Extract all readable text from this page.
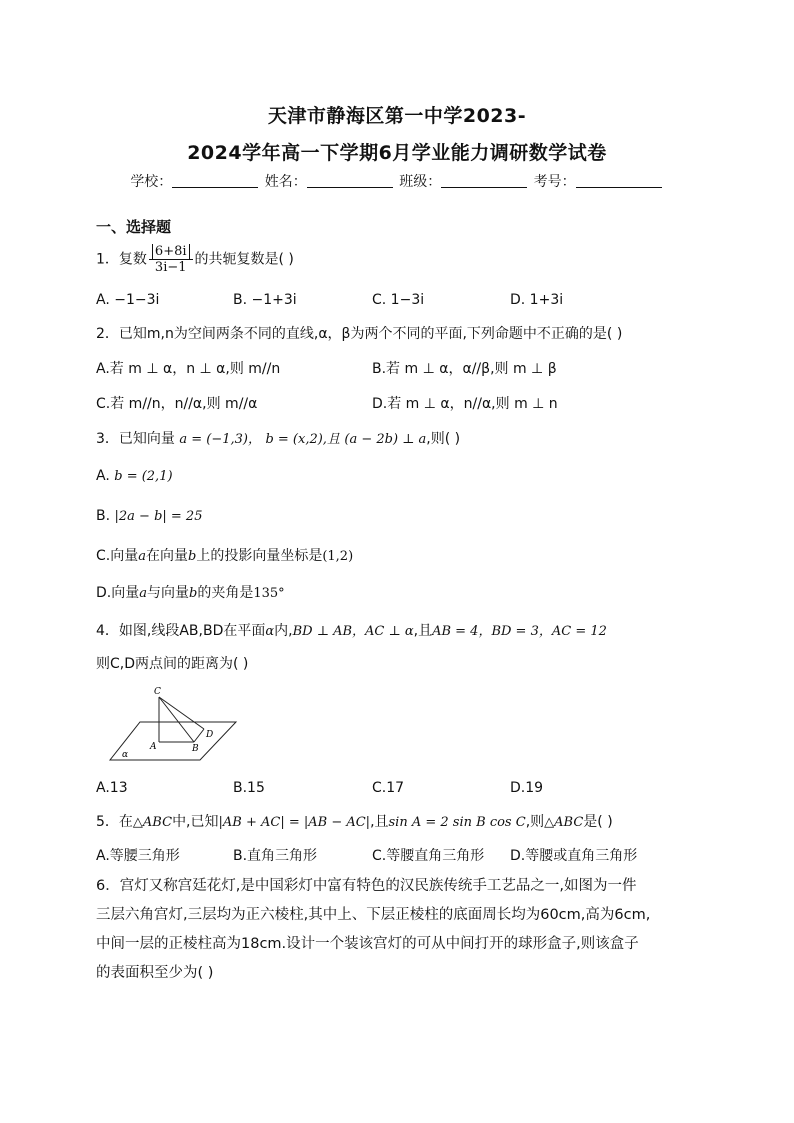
天津市静海区第一中学2023-
2024学年高一下学期6月学业能力调研数学试卷
学校：	姓名：	班级：	考号：
一、选择题
1．复数 $\frac{6+8i}{3i-1}$ 的共轭复数是( )
A. −1−3i	B. −1+3i	C. 1−3i	D. 1+3i
2．已知m,n为空间两条不同的直线,α，β为两个不同的平面,下列命题中不正确的是( )
A.若 m ⊥ α，n ⊥ α,则 m//n	B.若 m ⊥ α，α//β,则 m ⊥ β
C.若 m//n，n//α,则 m//α	D.若 m ⊥ α，n//α,则 m ⊥ n
3．已知向量 a = (−1,3)， b = (x,2),且 (a − 2b) ⊥ a,则( )
A. b = (2,1)
B. |2a − b| = 25
C.向量a在向量b上的投影向量坐标是(1,2)
D.向量a与向量b的夹角是135°
4．如图,线段AB,BD在平面α内,BD ⊥ AB，AC ⊥ α,且AB = 4，BD = 3，AC = 12
则C,D两点间的距离为( )
C
A	B
D
α
A.13	B.15	C.17	D.19
5．在△ABC中,已知|AB + AC| = |AB − AC|,且sin A = 2 sin B cos C,则△ABC是( )
A.等腰三角形	B.直角三角形	C.等腰直角三角形 D.等腰或直角三角形
6．宫灯又称宫廷花灯,是中国彩灯中富有特色的汉民族传统手工艺品之一,如图为一件
三层六角宫灯,三层均为正六棱柱,其中上、下层正棱柱的底面周长均为60cm,高为6cm,
中间一层的正棱柱高为18cm.设计一个装该宫灯的可从中间打开的球形盒子,则该盒子
的表面积至少为( )
